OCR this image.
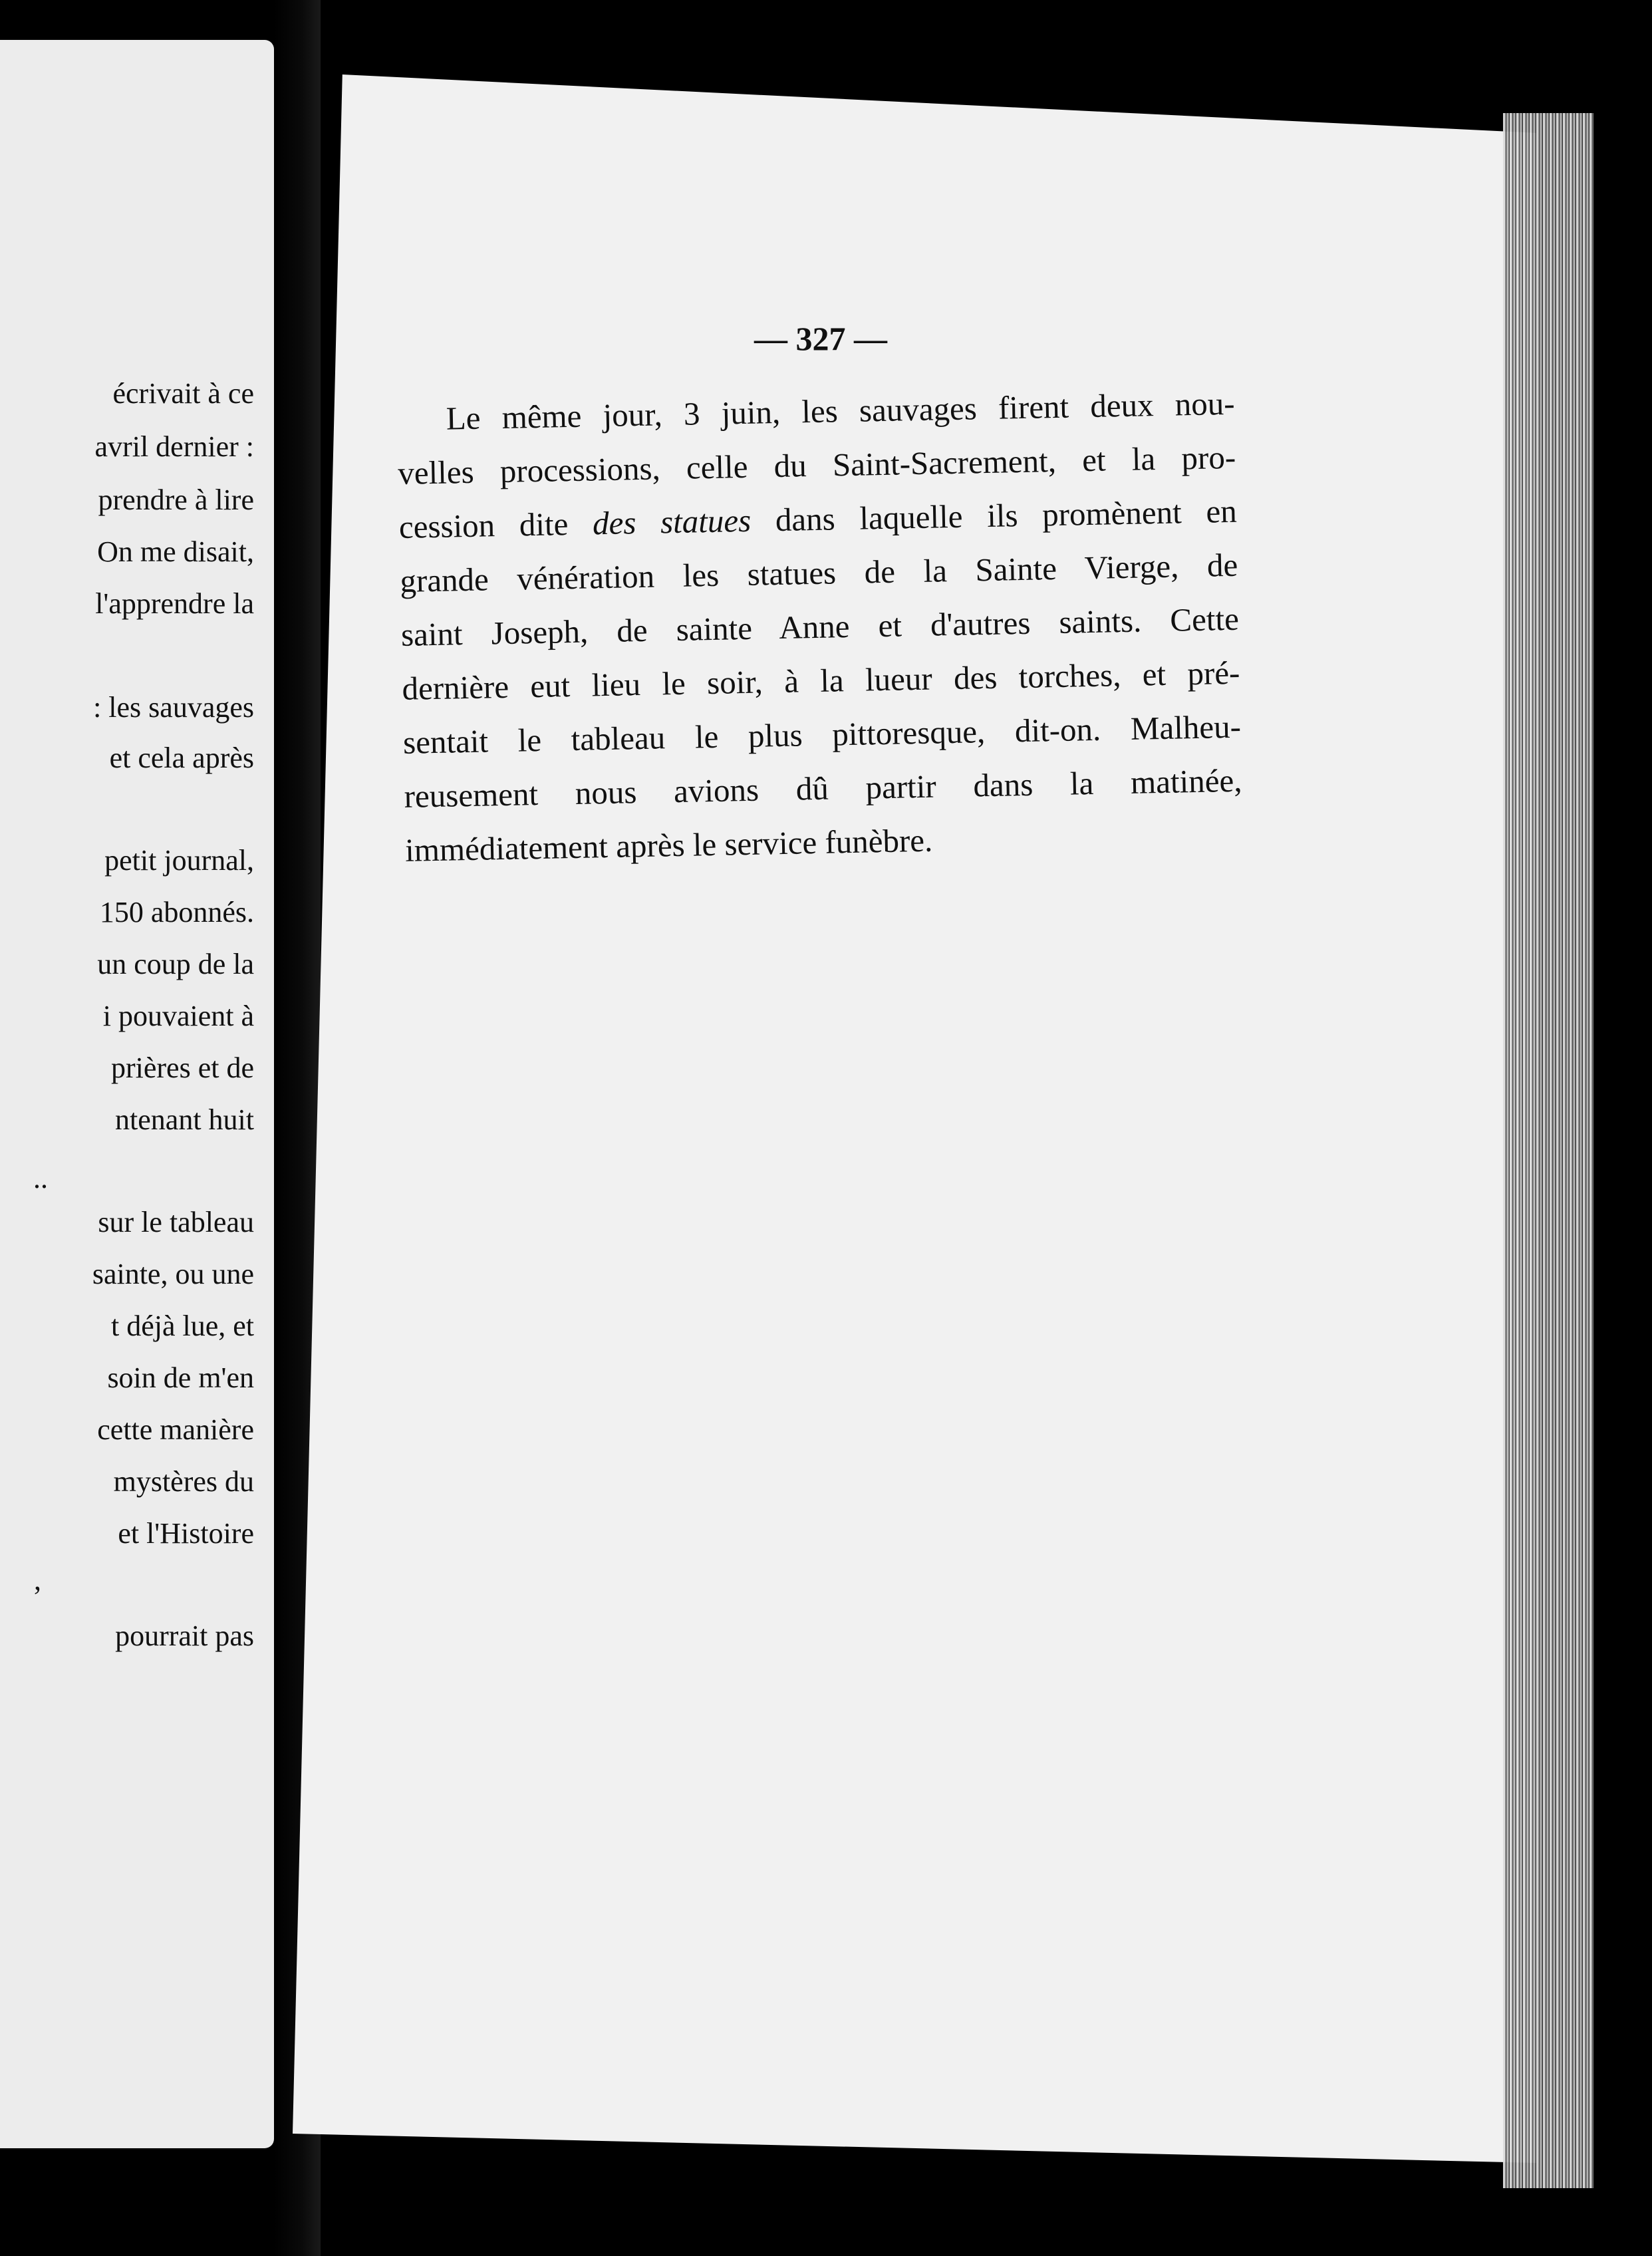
écrivait à ce

avril dernier :

prendre à lire

On me disait,

l'apprendre la

: les sauvages

et cela après

petit journal,

150 abonnés.

un coup de la

i pouvaient à

prières et de

ntenant huit

..

sur le tableau

sainte, ou une

t déjà lue, et

soin de m'en

cette manière

mystères du

et l'Histoire

,

pourrait pas

— 327 —

Le même jour, 3 juin, les sauvages firent deux nou-

velles processions, celle du Saint-Sacrement, et la pro-

cession dite des statues dans laquelle ils promènent en

grande vénération les statues de la Sainte Vierge, de

saint Joseph, de sainte Anne et d'autres saints. Cette

dernière eut lieu le soir, à la lueur des torches, et pré-

sentait le tableau le plus pittoresque, dit-on. Malheu-

reusement nous avions dû partir dans la matinée,

immédiatement après le service funèbre.
